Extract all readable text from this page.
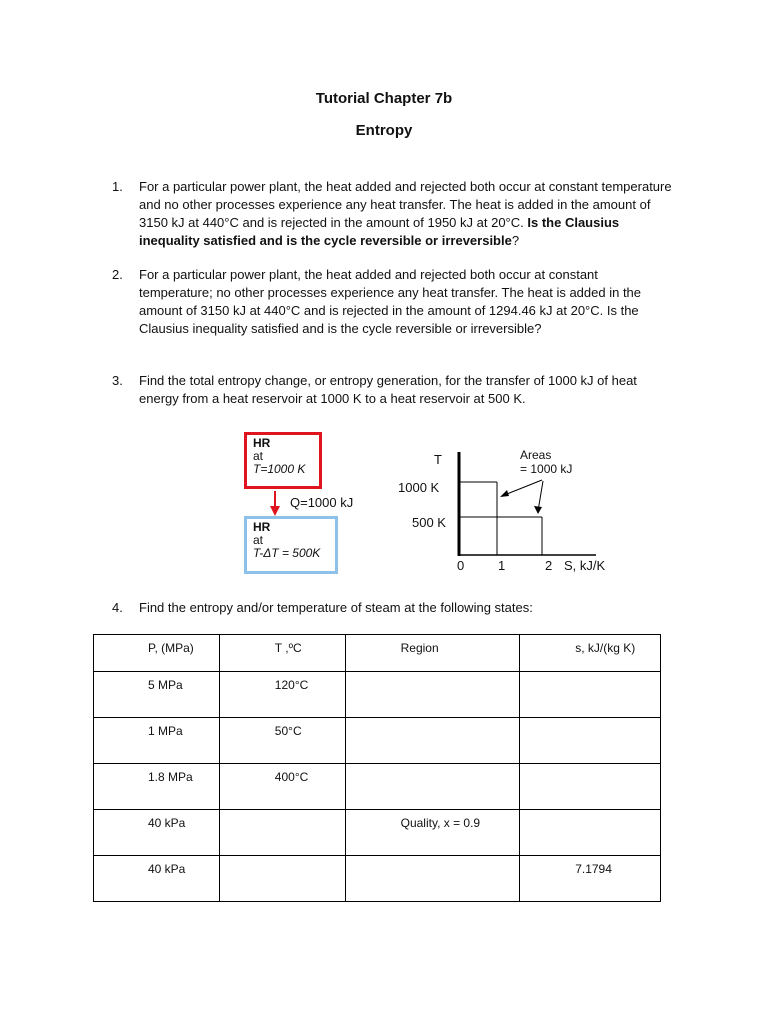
Tutorial Chapter 7b
Entropy
1. For a particular power plant, the heat added and rejected both occur at constant temperature and no other processes experience any heat transfer. The heat is added in the amount of 3150 kJ at 440°C and is rejected in the amount of 1950 kJ at 20°C. Is the Clausius inequality satisfied and is the cycle reversible or irreversible?
2. For a particular power plant, the heat added and rejected both occur at constant temperature; no other processes experience any heat transfer. The heat is added in the amount of 3150 kJ at 440°C and is rejected in the amount of 1294.46 kJ at 20°C. Is the Clausius inequality satisfied and is the cycle reversible or irreversible?
3. Find the total entropy change, or entropy generation, for the transfer of 1000 kJ of heat energy from a heat reservoir at 1000 K to a heat reservoir at 500 K.
HR
at
T=1000 K
HR
at
T-ΔT = 500K
Q=1000 kJ
T
1000 K
500 K
Areas
= 1000 kJ
0	1	2 S, kJ/K
4. Find the entropy and/or temperature of steam at the following states:
P, (MPa)	T ,ºC	Region	s, kJ/(kg K)
5 MPa	120°C		
1 MPa	50°C		
1.8 MPa	400°C		
40 kPa		Quality, x = 0.9	
40 kPa			7.1794
